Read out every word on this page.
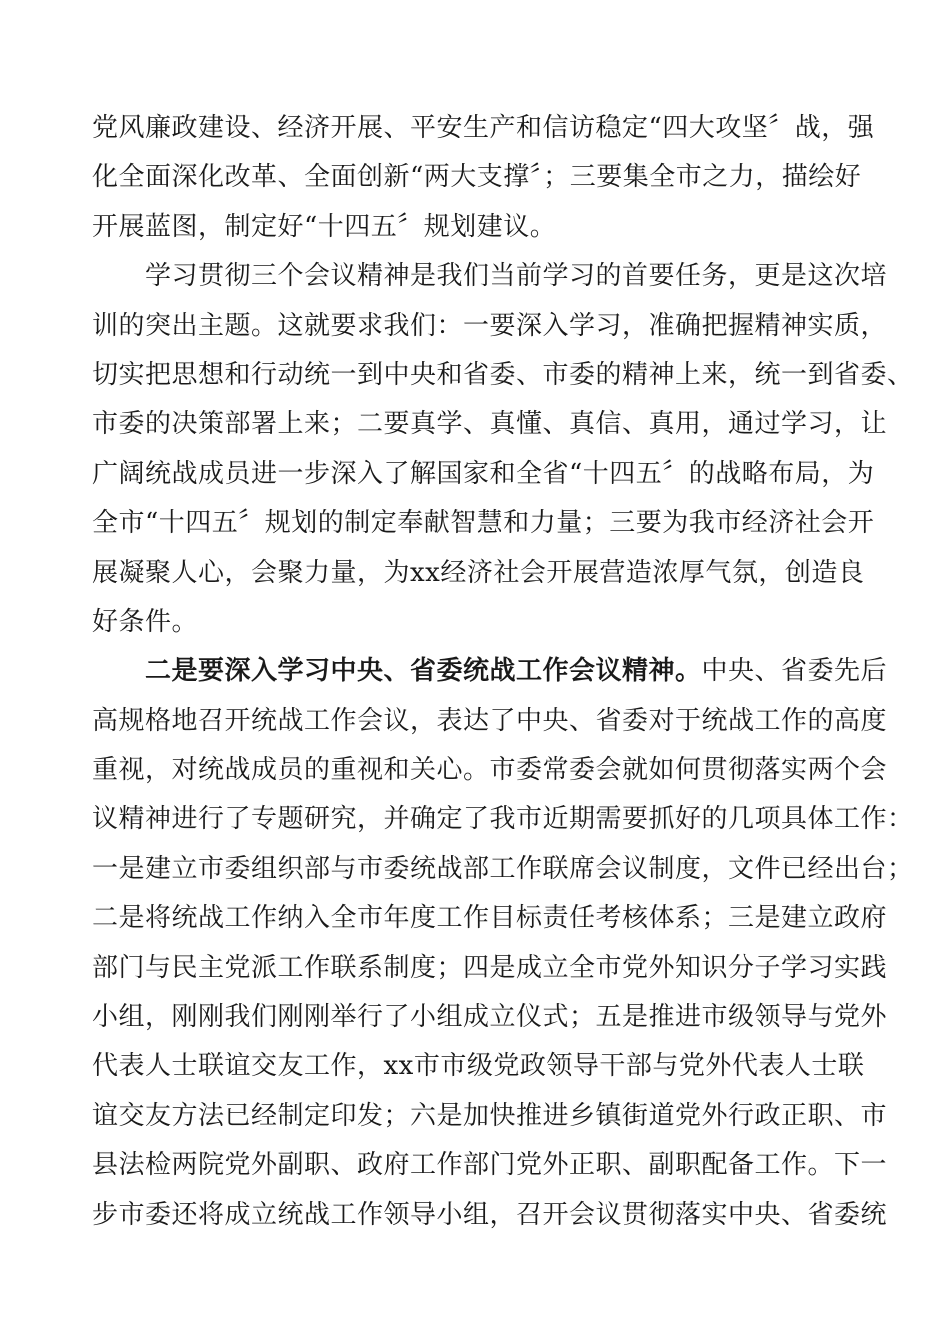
党风廉政建设、经济开展、平安生产和信访稳定“四大攻坚〞战，强
化全面深化改革、全面创新“两大支撑〞；三要集全市之力，描绘好
开展蓝图，制定好“十四五〞规划建议。
学习贯彻三个会议精神是我们当前学习的首要任务，更是这次培
训的突出主题。这就要求我们：一要深入学习，准确把握精神实质，
切实把思想和行动统一到中央和省委、市委的精神上来，统一到省委、
市委的决策部署上来；二要真学、真懂、真信、真用，通过学习，让
广阔统战成员进一步深入了解国家和全省“十四五〞的战略布局，为
全市“十四五〞规划的制定奉献智慧和力量；三要为我市经济社会开
展凝聚人心，会聚力量，为xx经济社会开展营造浓厚气氛，创造良
好条件。
二是要深入学习中央、省委统战工作会议精神。中央、省委先后
高规格地召开统战工作会议，表达了中央、省委对于统战工作的高度
重视，对统战成员的重视和关心。市委常委会就如何贯彻落实两个会
议精神进行了专题研究，并确定了我市近期需要抓好的几项具体工作：
一是建立市委组织部与市委统战部工作联席会议制度，文件已经出台；
二是将统战工作纳入全市年度工作目标责任考核体系；三是建立政府
部门与民主党派工作联系制度；四是成立全市党外知识分子学习实践
小组，刚刚我们刚刚举行了小组成立仪式；五是推进市级领导与党外
代表人士联谊交友工作，xx市市级党政领导干部与党外代表人士联
谊交友方法已经制定印发；六是加快推进乡镇街道党外行政正职、市
县法检两院党外副职、政府工作部门党外正职、副职配备工作。下一
步市委还将成立统战工作领导小组，召开会议贯彻落实中央、省委统
